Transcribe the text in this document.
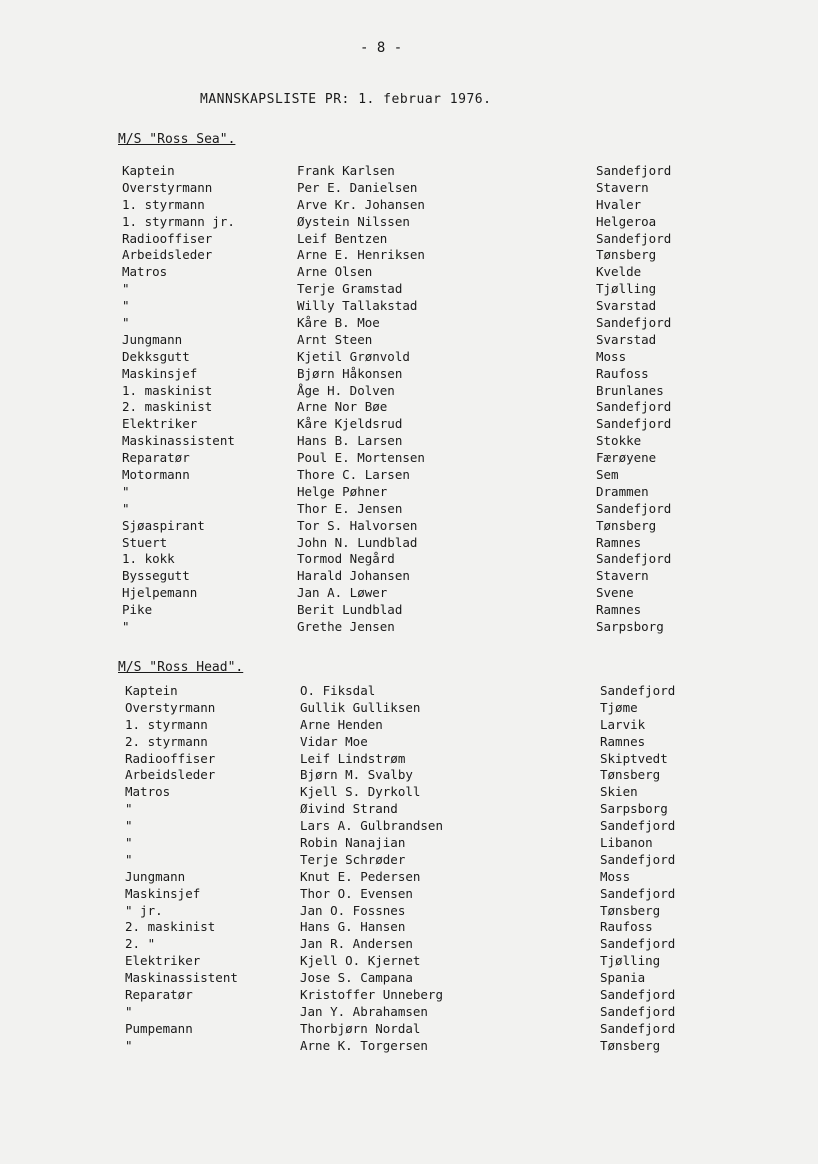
- 8 -
MANNSKAPSLISTE PR: 1. februar 1976.
M/S "Ross Sea".
Kaptein	Frank Karlsen	Sandefjord
Overstyrmann	Per E. Danielsen	Stavern
1. styrmann	Arve Kr. Johansen	Hvaler
1. styrmann jr.	Øystein Nilssen	Helgeroa
Radiooffiser	Leif Bentzen	Sandefjord
Arbeidsleder	Arne E. Henriksen	Tønsberg
Matros	Arne Olsen	Kvelde
"	Terje Gramstad	Tjølling
"	Willy Tallakstad	Svarstad
"	Kåre B. Moe	Sandefjord
Jungmann	Arnt Steen	Svarstad
Dekksgutt	Kjetil Grønvold	Moss
Maskinsjef	Bjørn Håkonsen	Raufoss
1. maskinist	Åge H. Dolven	Brunlanes
2. maskinist	Arne Nor Bøe	Sandefjord
Elektriker	Kåre Kjeldsrud	Sandefjord
Maskinassistent	Hans B. Larsen	Stokke
Reparatør	Poul E. Mortensen	Færøyene
Motormann	Thore C. Larsen	Sem
"	Helge Pøhner	Drammen
"	Thor E. Jensen	Sandefjord
Sjøaspirant	Tor S. Halvorsen	Tønsberg
Stuert	John N. Lundblad	Ramnes
1. kokk	Tormod Negård	Sandefjord
Byssegutt	Harald Johansen	Stavern
Hjelpemann	Jan A. Løwer	Svene
Pike	Berit Lundblad	Ramnes
"	Grethe Jensen	Sarpsborg
M/S "Ross Head".
Kaptein	O. Fiksdal	Sandefjord
Overstyrmann	Gullik Gulliksen	Tjøme
1. styrmann	Arne Henden	Larvik
2. styrmann	Vidar Moe	Ramnes
Radiooffiser	Leif Lindstrøm	Skiptvedt
Arbeidsleder	Bjørn M. Svalby	Tønsberg
Matros	Kjell S. Dyrkoll	Skien
"	Øivind Strand	Sarpsborg
"	Lars A. Gulbrandsen	Sandefjord
"	Robin Nanajian	Libanon
"	Terje Schrøder	Sandefjord
Jungmann	Knut E. Pedersen	Moss
Maskinsjef	Thor O. Evensen	Sandefjord
" jr.	Jan O. Fossnes	Tønsberg
2. maskinist	Hans G. Hansen	Raufoss
2. "	Jan R. Andersen	Sandefjord
Elektriker	Kjell O. Kjernet	Tjølling
Maskinassistent	Jose S. Campana	Spania
Reparatør	Kristoffer Unneberg	Sandefjord
"	Jan Y. Abrahamsen	Sandefjord
Pumpemann	Thorbjørn Nordal	Sandefjord
"	Arne K. Torgersen	Tønsberg
